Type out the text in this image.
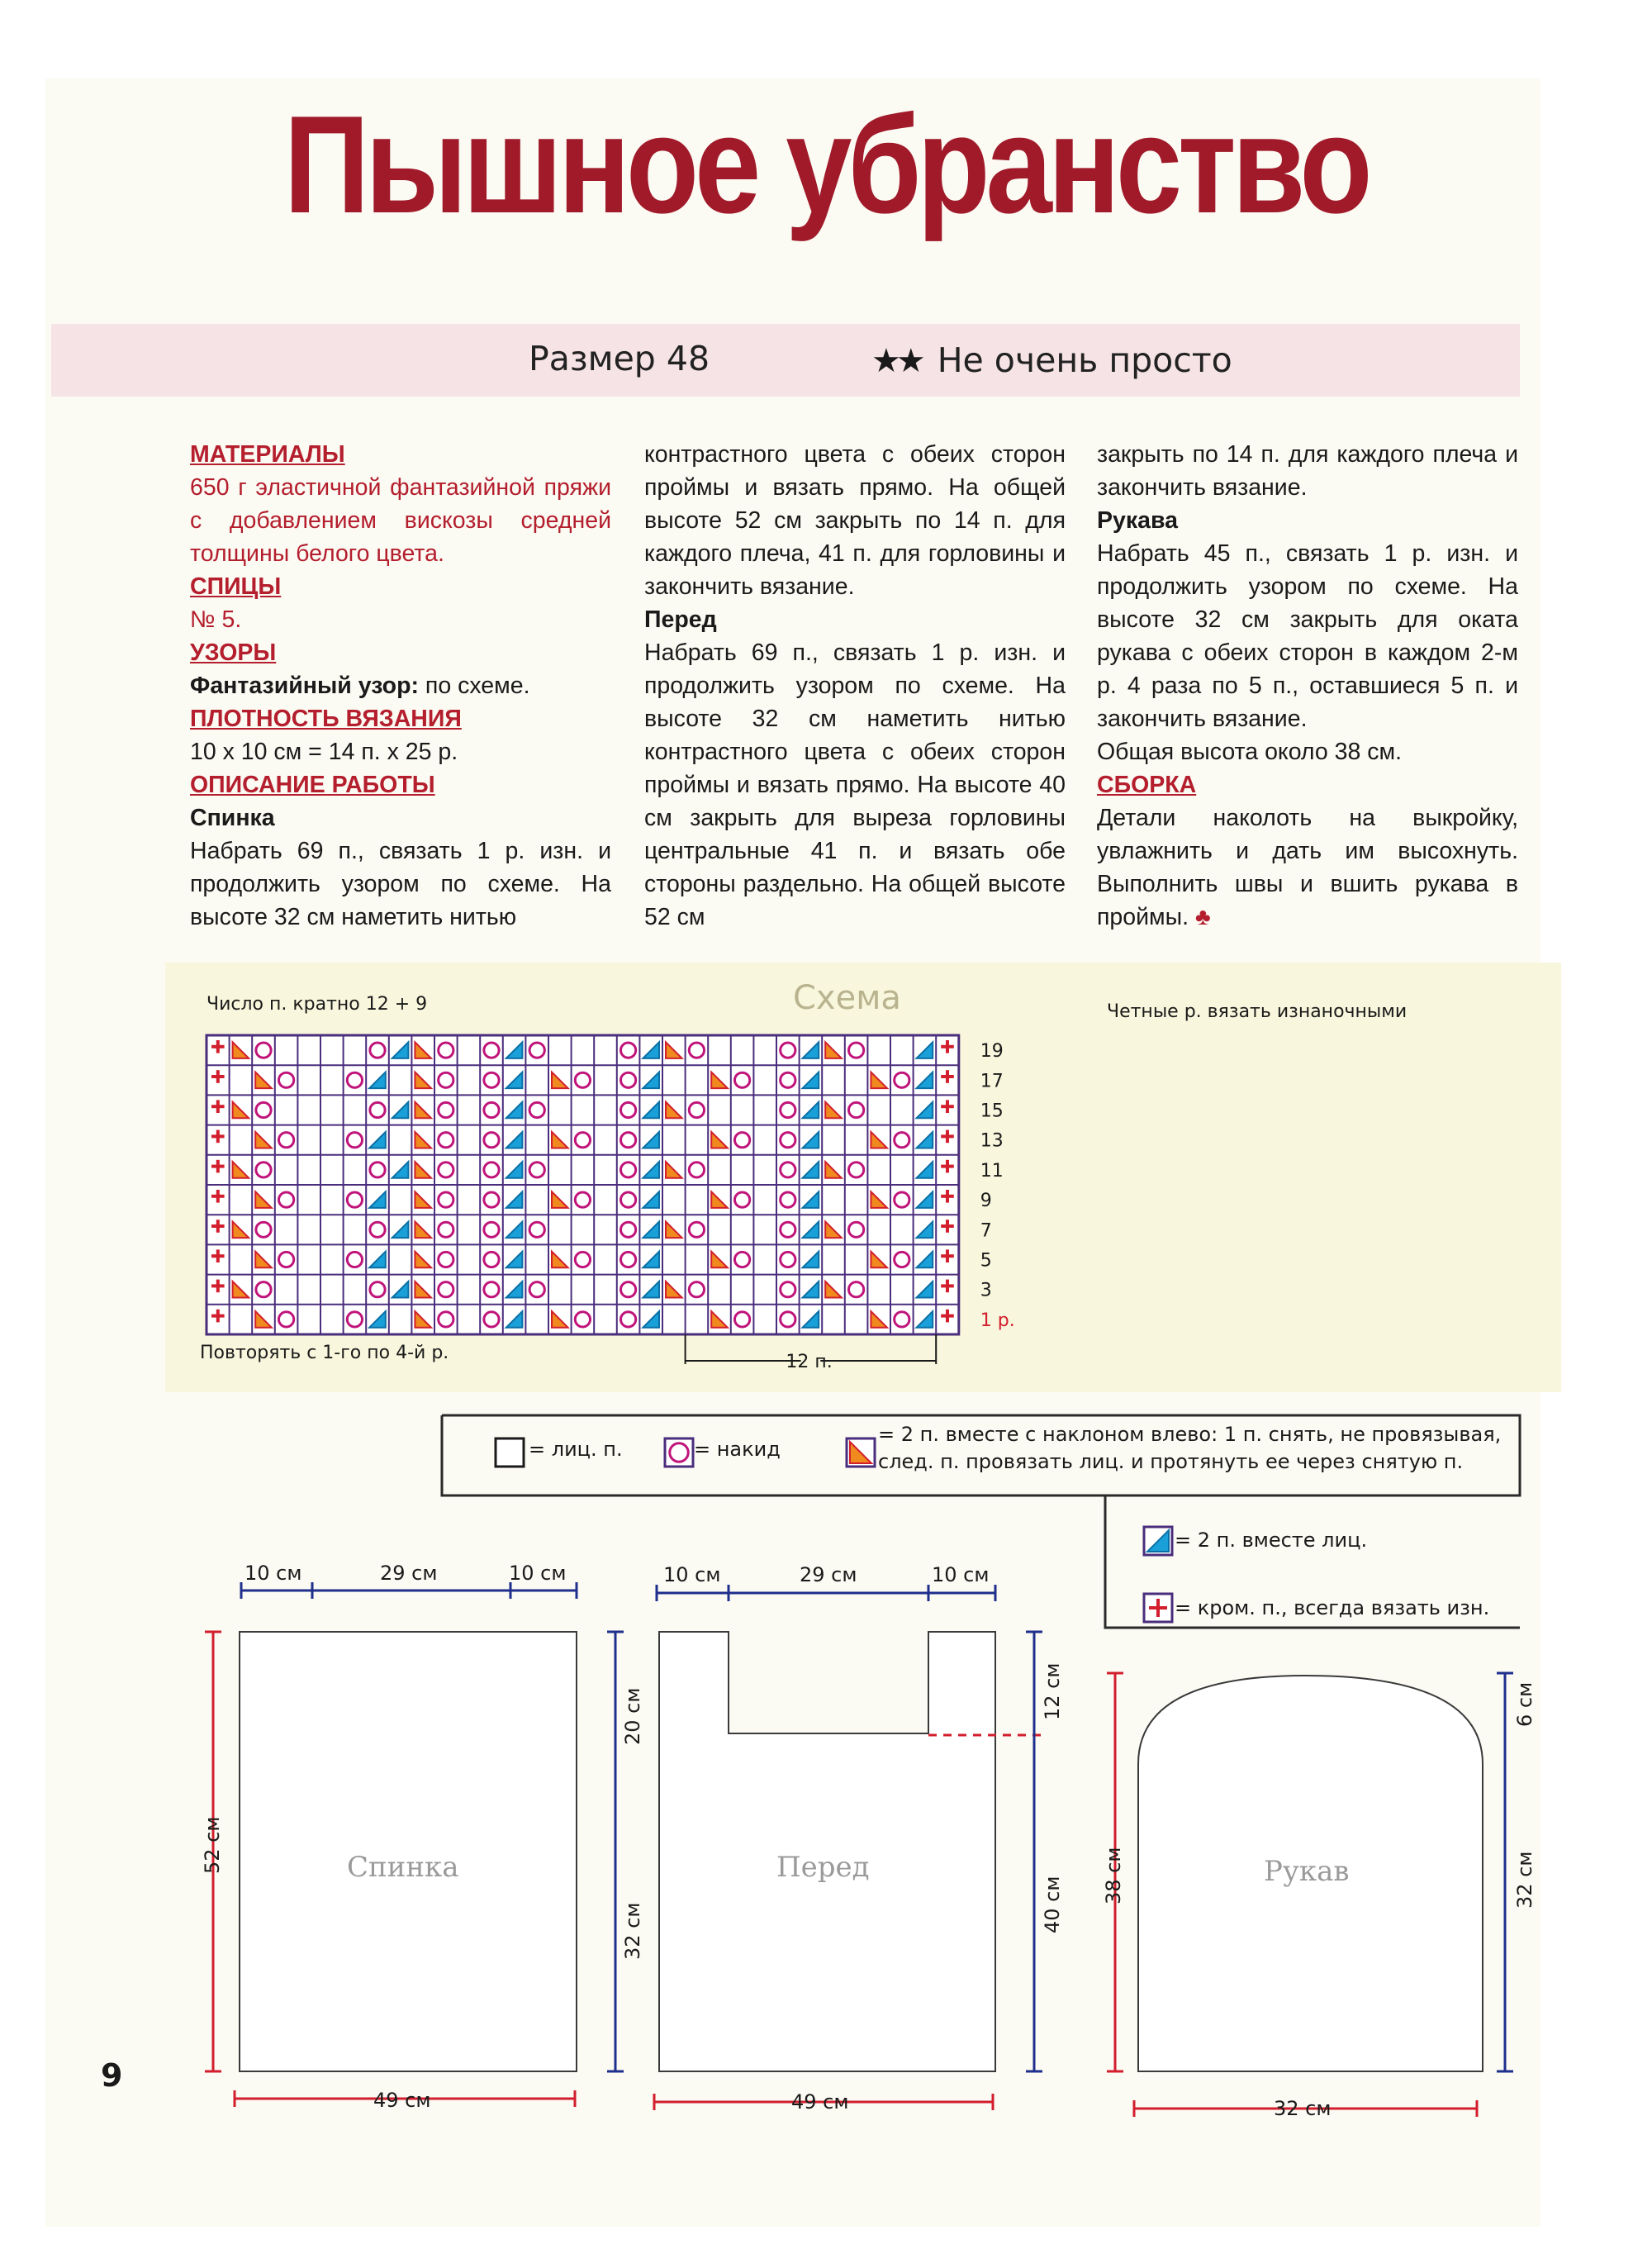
Пышное убранство
Размер 48	★★ Не очень просто

МАТЕРИАЛЫ

650 г эластичной фантазийной пряжи с добавлением вискозы средней толщины белого цвета.

СПИЦЫ

№ 5.

УЗОРЫ

Фантазийный узор: по схеме.

ПЛОТНОСТЬ ВЯЗАНИЯ

10 х 10 см = 14 п. х 25 р.

ОПИСАНИЕ РАБОТЫ

Спинка

Набрать 69 п., связать 1 р. изн. и продолжить узором по схеме. На высоте 32 см наметить нитью

контрастного цвета с обеих сторон проймы и вязать прямо. На общей высоте 52 см закрыть по 14 п. для каждого плеча, 41 п. для горловины и закончить вязание.

Перед

Набрать 69 п., связать 1 р. изн. и продолжить узором по схеме. На высоте 32 см наметить нитью контрастного цвета с обеих сторон проймы и вязать прямо. На высоте 40 см закрыть для выреза горловины центральные 41 п. и вязать обе стороны раздельно. На общей высоте 52 см

закрыть по 14 п. для каждого плеча и закончить вязание.

Рукава

Набрать 45 п., связать 1 р. изн. и продолжить узором по схеме. На высоте 32 см закрыть для оката рукава с обеих сторон в каждом 2-м р. 4 раза по 5 п., оставшиеся 5 п. и закончить вязание.

Общая высота около 38 см.

СБОРКА

Детали наколоть на выкройку, увлажнить и дать им высохнуть. Выполнить швы и вшить рукава в проймы. ♣

Схема
Число п. кратно 12 + 9	Четные р. вязать изнаночными
Повторять с 1-го по 4-й р.
19
17
15
13
11
9
7
5
3
1 р.
12 п.
= лиц. п.	= накид
= 2 п. вместе с наклоном влево: 1 п. снять, не провязывая, след. п. провязать лиц. и протянуть ее через снятую п.
= 2 п. вместе лиц.
= кром. п., всегда вязать изн.
10 см	29 см	10 см
52 см
49 см
Спинка
10 см	29 см	10 см
20 см
32 см
12 см
40 см
49 см
Перед	38 см
6 см
32 см
32 см
Рукав
9
